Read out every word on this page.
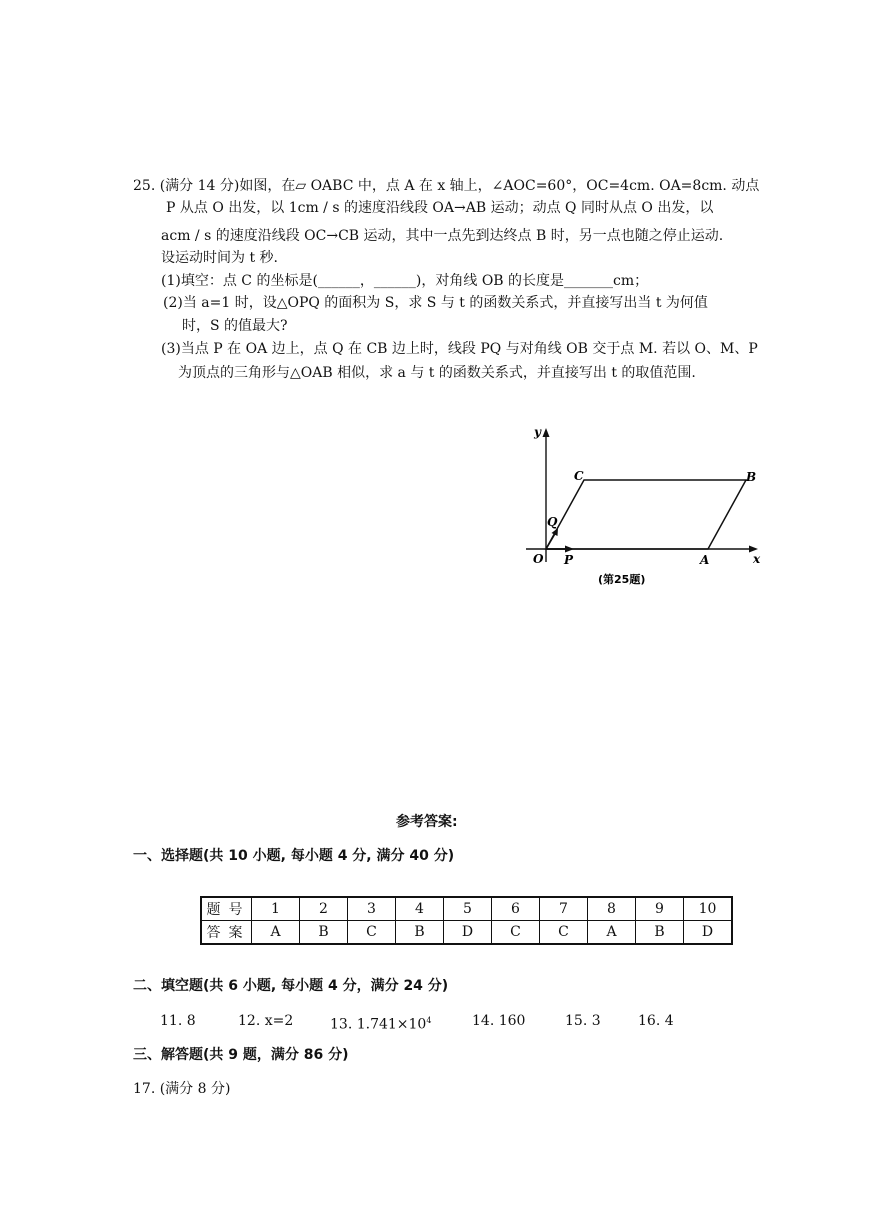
25. (满分 14 分)如图，在▱ OABC 中，点 A 在 x 轴上，∠AOC=60°，OC=4cm. OA=8cm. 动点
P 从点 O 出发，以 1cm / s 的速度沿线段 OA→AB 运动；动点 Q 同时从点 O 出发，以
acm / s 的速度沿线段 OC→CB 运动，其中一点先到达终点 B 时，另一点也随之停止运动.
设运动时间为 t 秒.
(1)填空：点 C 的坐标是(______，______)，对角线 OB 的长度是_______cm；
(2)当 a=1 时，设△OPQ 的面积为 S，求 S 与 t 的函数关系式，并直接写出当 t 为何值
时，S 的值最大?
(3)当点 P 在 OA 边上，点 Q 在 CB 边上时，线段 PQ 与对角线 OB 交于点 M. 若以 O、M、P
为顶点的三角形与△OAB 相似，求 a 与 t 的函数关系式，并直接写出 t 的取值范围.
y
x
C	B
Q
O P	A
(第25题)
参考答案:
一、选择题(共 10 小题, 每小题 4 分, 满分 40 分)
题号	1	2	3	4	5	6	7	8	9	10
答案	A	B	C	B	D	C	C	A	B	D
二、填空题(共 6 小题, 每小题 4 分，满分 24 分)
11. 8	12. x=2	13. $1.741\times 10^4$	14. 160	15. 3	16. 4
三、解答题(共 9 题，满分 86 分)
17. (满分 8 分)
